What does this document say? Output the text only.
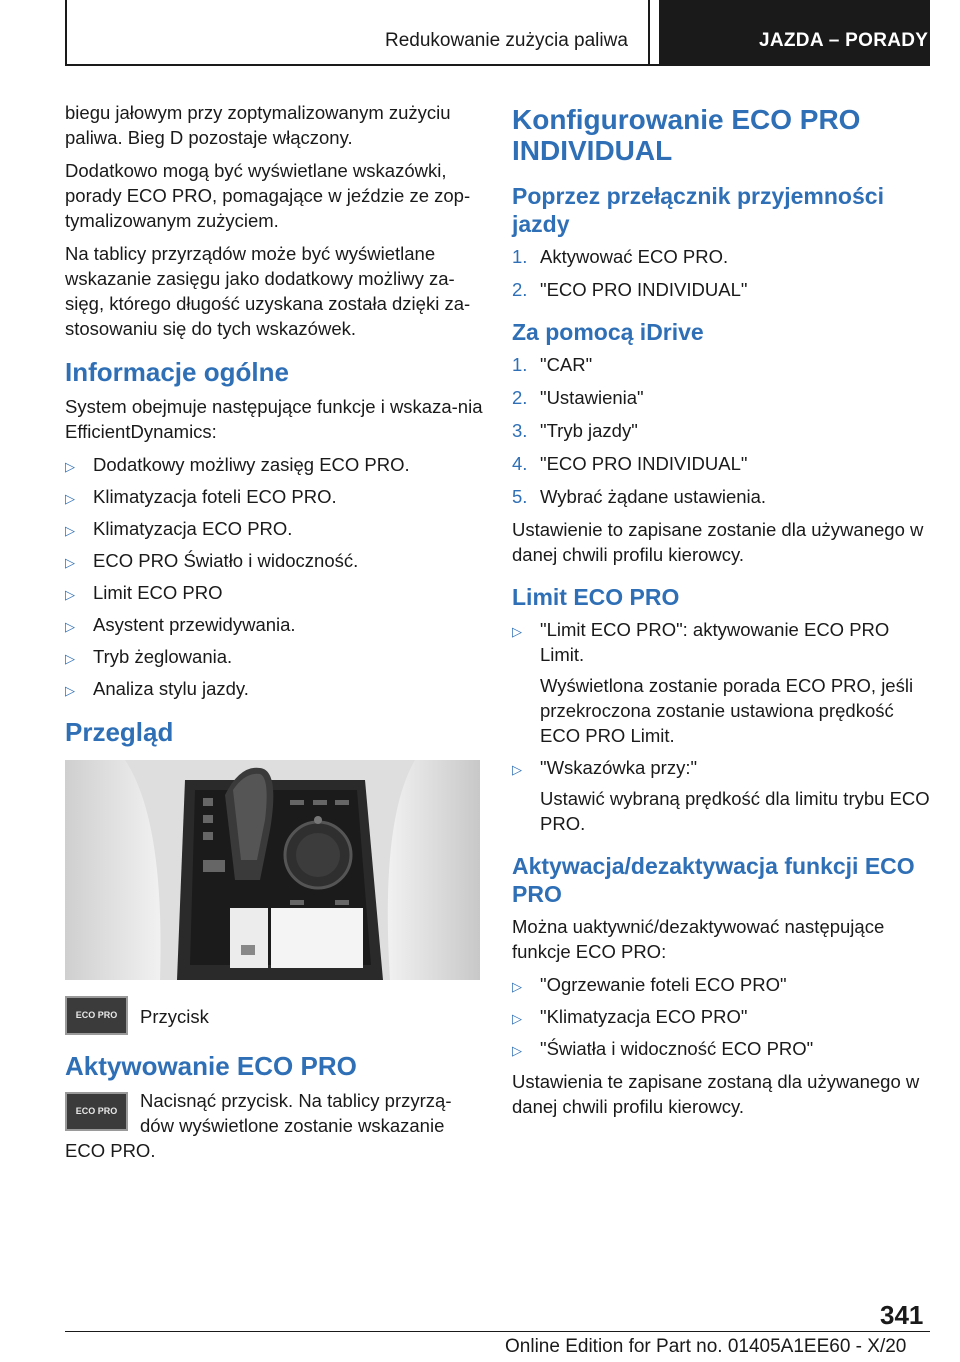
Redukowanie zużycia paliwa	JAZDA – PORADY

biegu jałowym przy zoptymalizowanym zużyciu paliwa. Bieg D pozostaje włączony.

Dodatkowo mogą być wyświetlane wskazówki, porady ECO PRO, pomagające w jeździe ze zop-tymalizowanym zużyciem.

Na tablicy przyrządów może być wyświetlane wskazanie zasięgu jako dodatkowy możliwy za-sięg, którego długość uzyskana została dzięki za-stosowaniu się do tych wskazówek.

Informacje ogólne

System obejmuje następujące funkcje i wskaza-nia EfficientDynamics:

▷ Dodatkowy możliwy zasięg ECO PRO.
▷ Klimatyzacja foteli ECO PRO.
▷ Klimatyzacja ECO PRO.
▷ ECO PRO Światło i widoczność.
▷ Limit ECO PRO
▷ Asystent przewidywania.
▷ Tryb żeglowania.
▷ Analiza stylu jazdy.
Przegląd
ECO PRO	Przycisk
Aktywowanie ECO PRO
ECO PRO	Nacisnąć przycisk. Na tablicy przyrzą-dów wyświetlone zostanie wskazanie ECO PRO.

Konfigurowanie ECO PRO INDIVIDUAL
Poprzez przełącznik przyjemności jazdy
1. Aktywować ECO PRO.
2. "ECO PRO INDIVIDUAL"
Za pomocą iDrive
1. "CAR"
2. "Ustawienia"
3. "Tryb jazdy"
4. "ECO PRO INDIVIDUAL"
5. Wybrać żądane ustawienia.

Ustawienie to zapisane zostanie dla używanego w danej chwili profilu kierowcy.

Limit ECO PRO
▷ "Limit ECO PRO": aktywowanie ECO PRO Limit.

Wyświetlona zostanie porada ECO PRO, jeśli przekroczona zostanie ustawiona prędkość ECO PRO Limit.

▷ "Wskazówka przy:"

Ustawić wybraną prędkość dla limitu trybu ECO PRO.

Aktywacja/dezaktywacja funkcji ECO PRO

Można uaktywnić/dezaktywować następujące funkcje ECO PRO:

▷ "Ogrzewanie foteli ECO PRO"
▷ "Klimatyzacja ECO PRO"
▷ "Światła i widoczność ECO PRO"

Ustawienia te zapisane zostaną dla używanego w danej chwili profilu kierowcy.

341
Online Edition for Part no. 01405A1EE60 - X/20
